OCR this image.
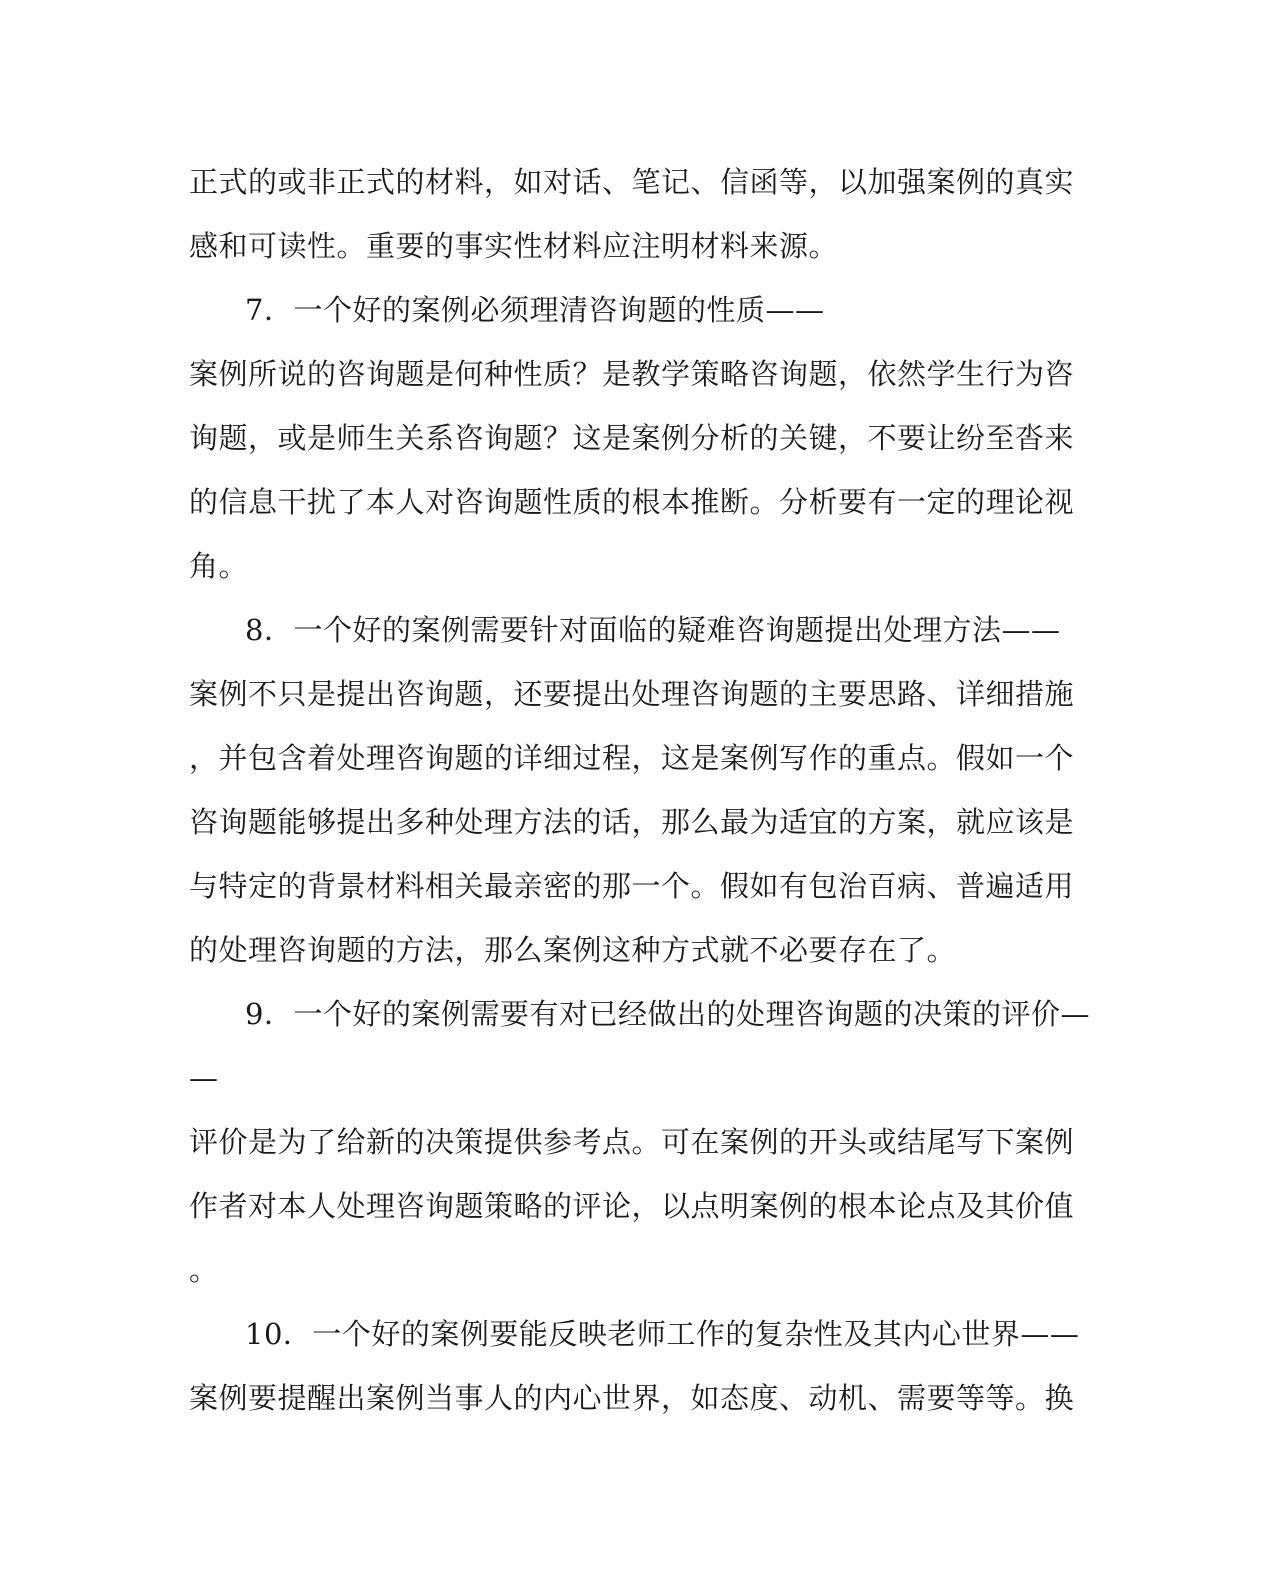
正式的或非正式的材料，如对话、笔记、信函等，以加强案例的真实
感和可读性。重要的事实性材料应注明材料来源。
7．一个好的案例必须理清咨询题的性质——
案例所说的咨询题是何种性质？是教学策略咨询题，依然学生行为咨
询题，或是师生关系咨询题？这是案例分析的关键，不要让纷至沓来
的信息干扰了本人对咨询题性质的根本推断。分析要有一定的理论视
角。
8．一个好的案例需要针对面临的疑难咨询题提出处理方法——
案例不只是提出咨询题，还要提出处理咨询题的主要思路、详细措施
，并包含着处理咨询题的详细过程，这是案例写作的重点。假如一个
咨询题能够提出多种处理方法的话，那么最为适宜的方案，就应该是
与特定的背景材料相关最亲密的那一个。假如有包治百病、普遍适用
的处理咨询题的方法，那么案例这种方式就不必要存在了。
9．一个好的案例需要有对已经做出的处理咨询题的决策的评价—
—
评价是为了给新的决策提供参考点。可在案例的开头或结尾写下案例
作者对本人处理咨询题策略的评论，以点明案例的根本论点及其价值
。
10．一个好的案例要能反映老师工作的复杂性及其内心世界——
案例要提醒出案例当事人的内心世界，如态度、动机、需要等等。换
